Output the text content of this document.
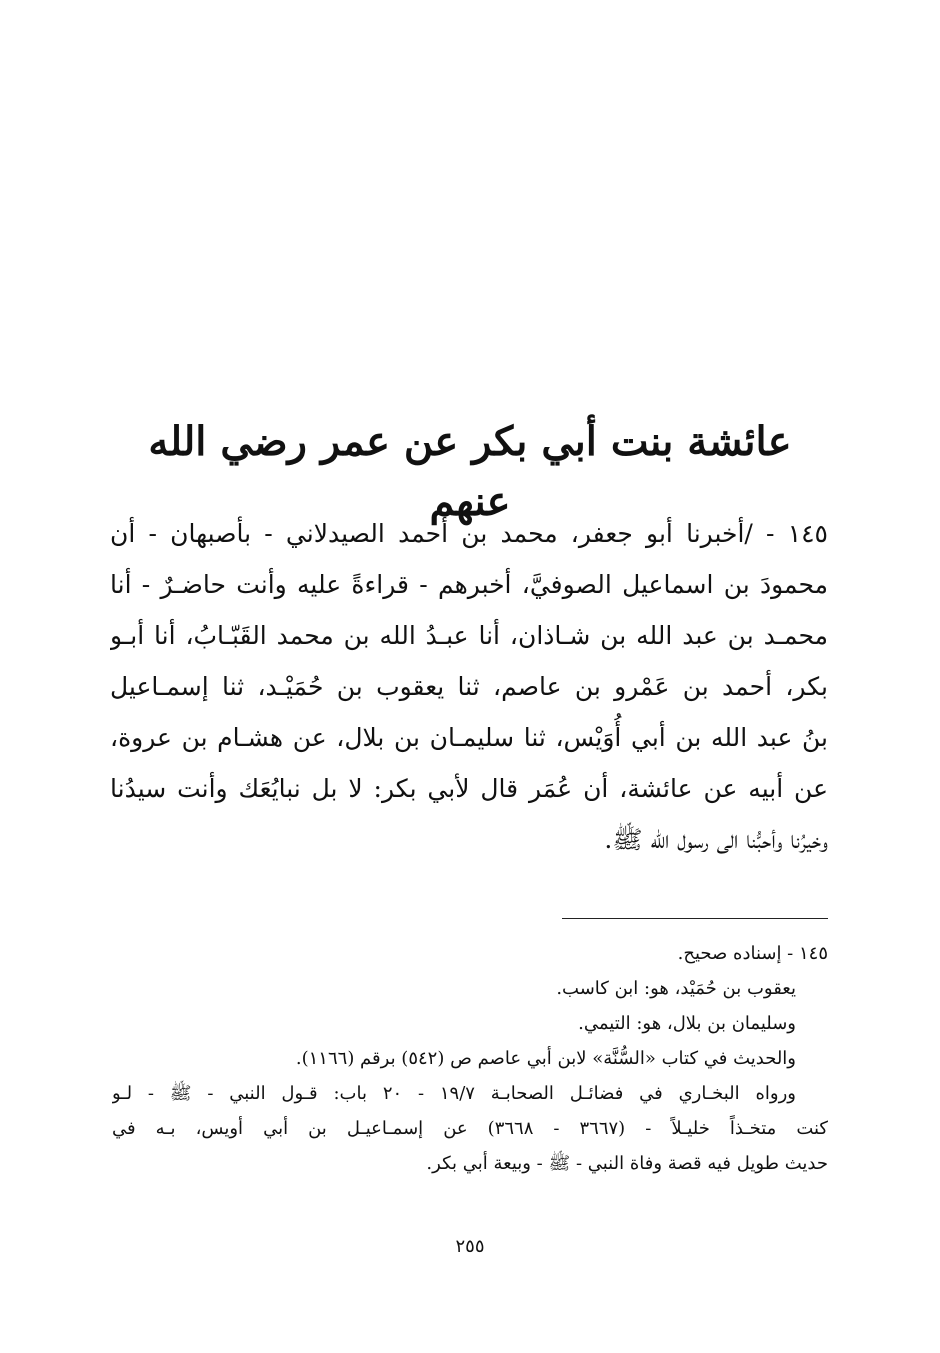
عائشة بنت أبي بكر عن عمر رضي الله عنهم
١٤٥ - /أخبرنا أبو جعفر، محمد بن أحمد الصيدلاني - بأصبهان - أن
محمودَ بن اسماعيل الصوفيَّ، أخبرهم - قراءةً عليه وأنت حاضـرٌ - أنا
محمـد بن عبد الله بن شـاذان، أنا عبـدُ الله بن محمد القَبّـابُ، أنا أبـو
بكر، أحمد بن عَمْرو بن عاصم، ثنا يعقوب بن حُمَيْـد، ثنا إسمـاعيل
بنُ عبد الله بن أبي أُوَيْس، ثنا سليمـان بن بلال، عن هشـام بن عروة،
عن أبيه عن عائشة، أن عُمَر قال لأبي بكر: لا بل نبايُعَك وأنت سيدُنا
وخيرُنا وأحبُّنا الى رسول الله ﷺ.
١٤٥ - إسناده صحيح.
يعقوب بن حُمَيْد، هو: ابن كاسب.
وسليمان بن بلال، هو: التيمي.
والحديث في كتاب «السُّنَّة» لابن أبي عاصم ص (٥٤٢) برقم (١١٦٦).
ورواه البخـاري في فضائـل الصحابـة ١٩/٧ - ٢٠ باب: قـول النبي - ﷺ - لـو
كنت متخـذاً خليـلاً - (٣٦٦٧ - ٣٦٦٨) عن إسمـاعيـل بن أبي أويس، بـه في
حديث طويل فيه قصة وفاة النبي - ﷺ - وبيعة أبي بكر.
٢٥٥
